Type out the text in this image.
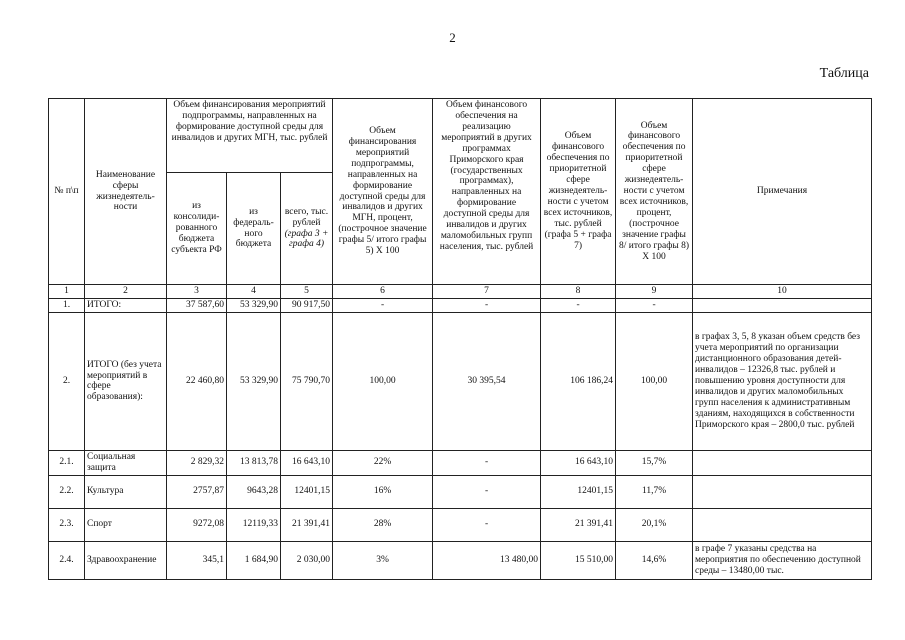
2
Таблица
№ п\п	Наименование сферы жизнедеятель-ности	Объем финансирования мероприятий подпрограммы, направленных на формирование доступной среды для инвалидов и других МГН, тыс. рублей			Объем финансирования мероприятий подпрограммы, направленных на формирование доступной среды для инвалидов и других МГН, процент, (построчное значение графы 5/ итого графы 5) Х 100	Объем финансового обеспечения на реализацию мероприятий в других программах Приморского края (государственных программах), направленных на формирование доступной среды для инвалидов и других маломобильных групп населения, тыс. рублей	Объем финансового обеспечения по приоритетной сфере жизнедеятель-ности с учетом всех источников, тыс. рублей (графа 5 + графа 7)	Объем финансового обеспечения по приоритетной сфере жизнедеятель-ности с учетом всех источников, процент, (построчное значение графы 8/ итого графы 8) Х 100	Примечания
		из консолиди-рованного бюджета субъекта РФ	из федераль-ного бюджета	всего, тыс. рублей (графа 3 + графа 4)					
1	2	3	4	5	6	7	8	9	10
1.	ИТОГО:	37 587,60	53 329,90	90 917,50	-	-	-	-	
2.	ИТОГО (без учета мероприятий в сфере образования):	22 460,80	53 329,90	75 790,70	100,00	30 395,54	106 186,24	100,00	в графах 3, 5, 8 указан объем средств без учета мероприятий по организации дистанционного образования детей-инвалидов – 12326,8 тыс. рублей и повышению уровня доступности для инвалидов и других маломобильных групп населения к административным зданиям, находящихся в собственности Приморского края – 2800,0 тыс. рублей
2.1.	Социальная защита	2 829,32	13 813,78	16 643,10	22%	-	16 643,10	15,7%	
2.2.	Культура	2757,87	9643,28	12401,15	16%	-	12401,15	11,7%	
2.3.	Спорт	9272,08	12119,33	21 391,41	28%	-	21 391,41	20,1%	
2.4.	Здравоохранение	345,1	1 684,90	2 030,00	3%	13 480,00	15 510,00	14,6%	в графе 7 указаны средства на мероприятия по обеспечению доступной среды – 13480,00 тыс.
